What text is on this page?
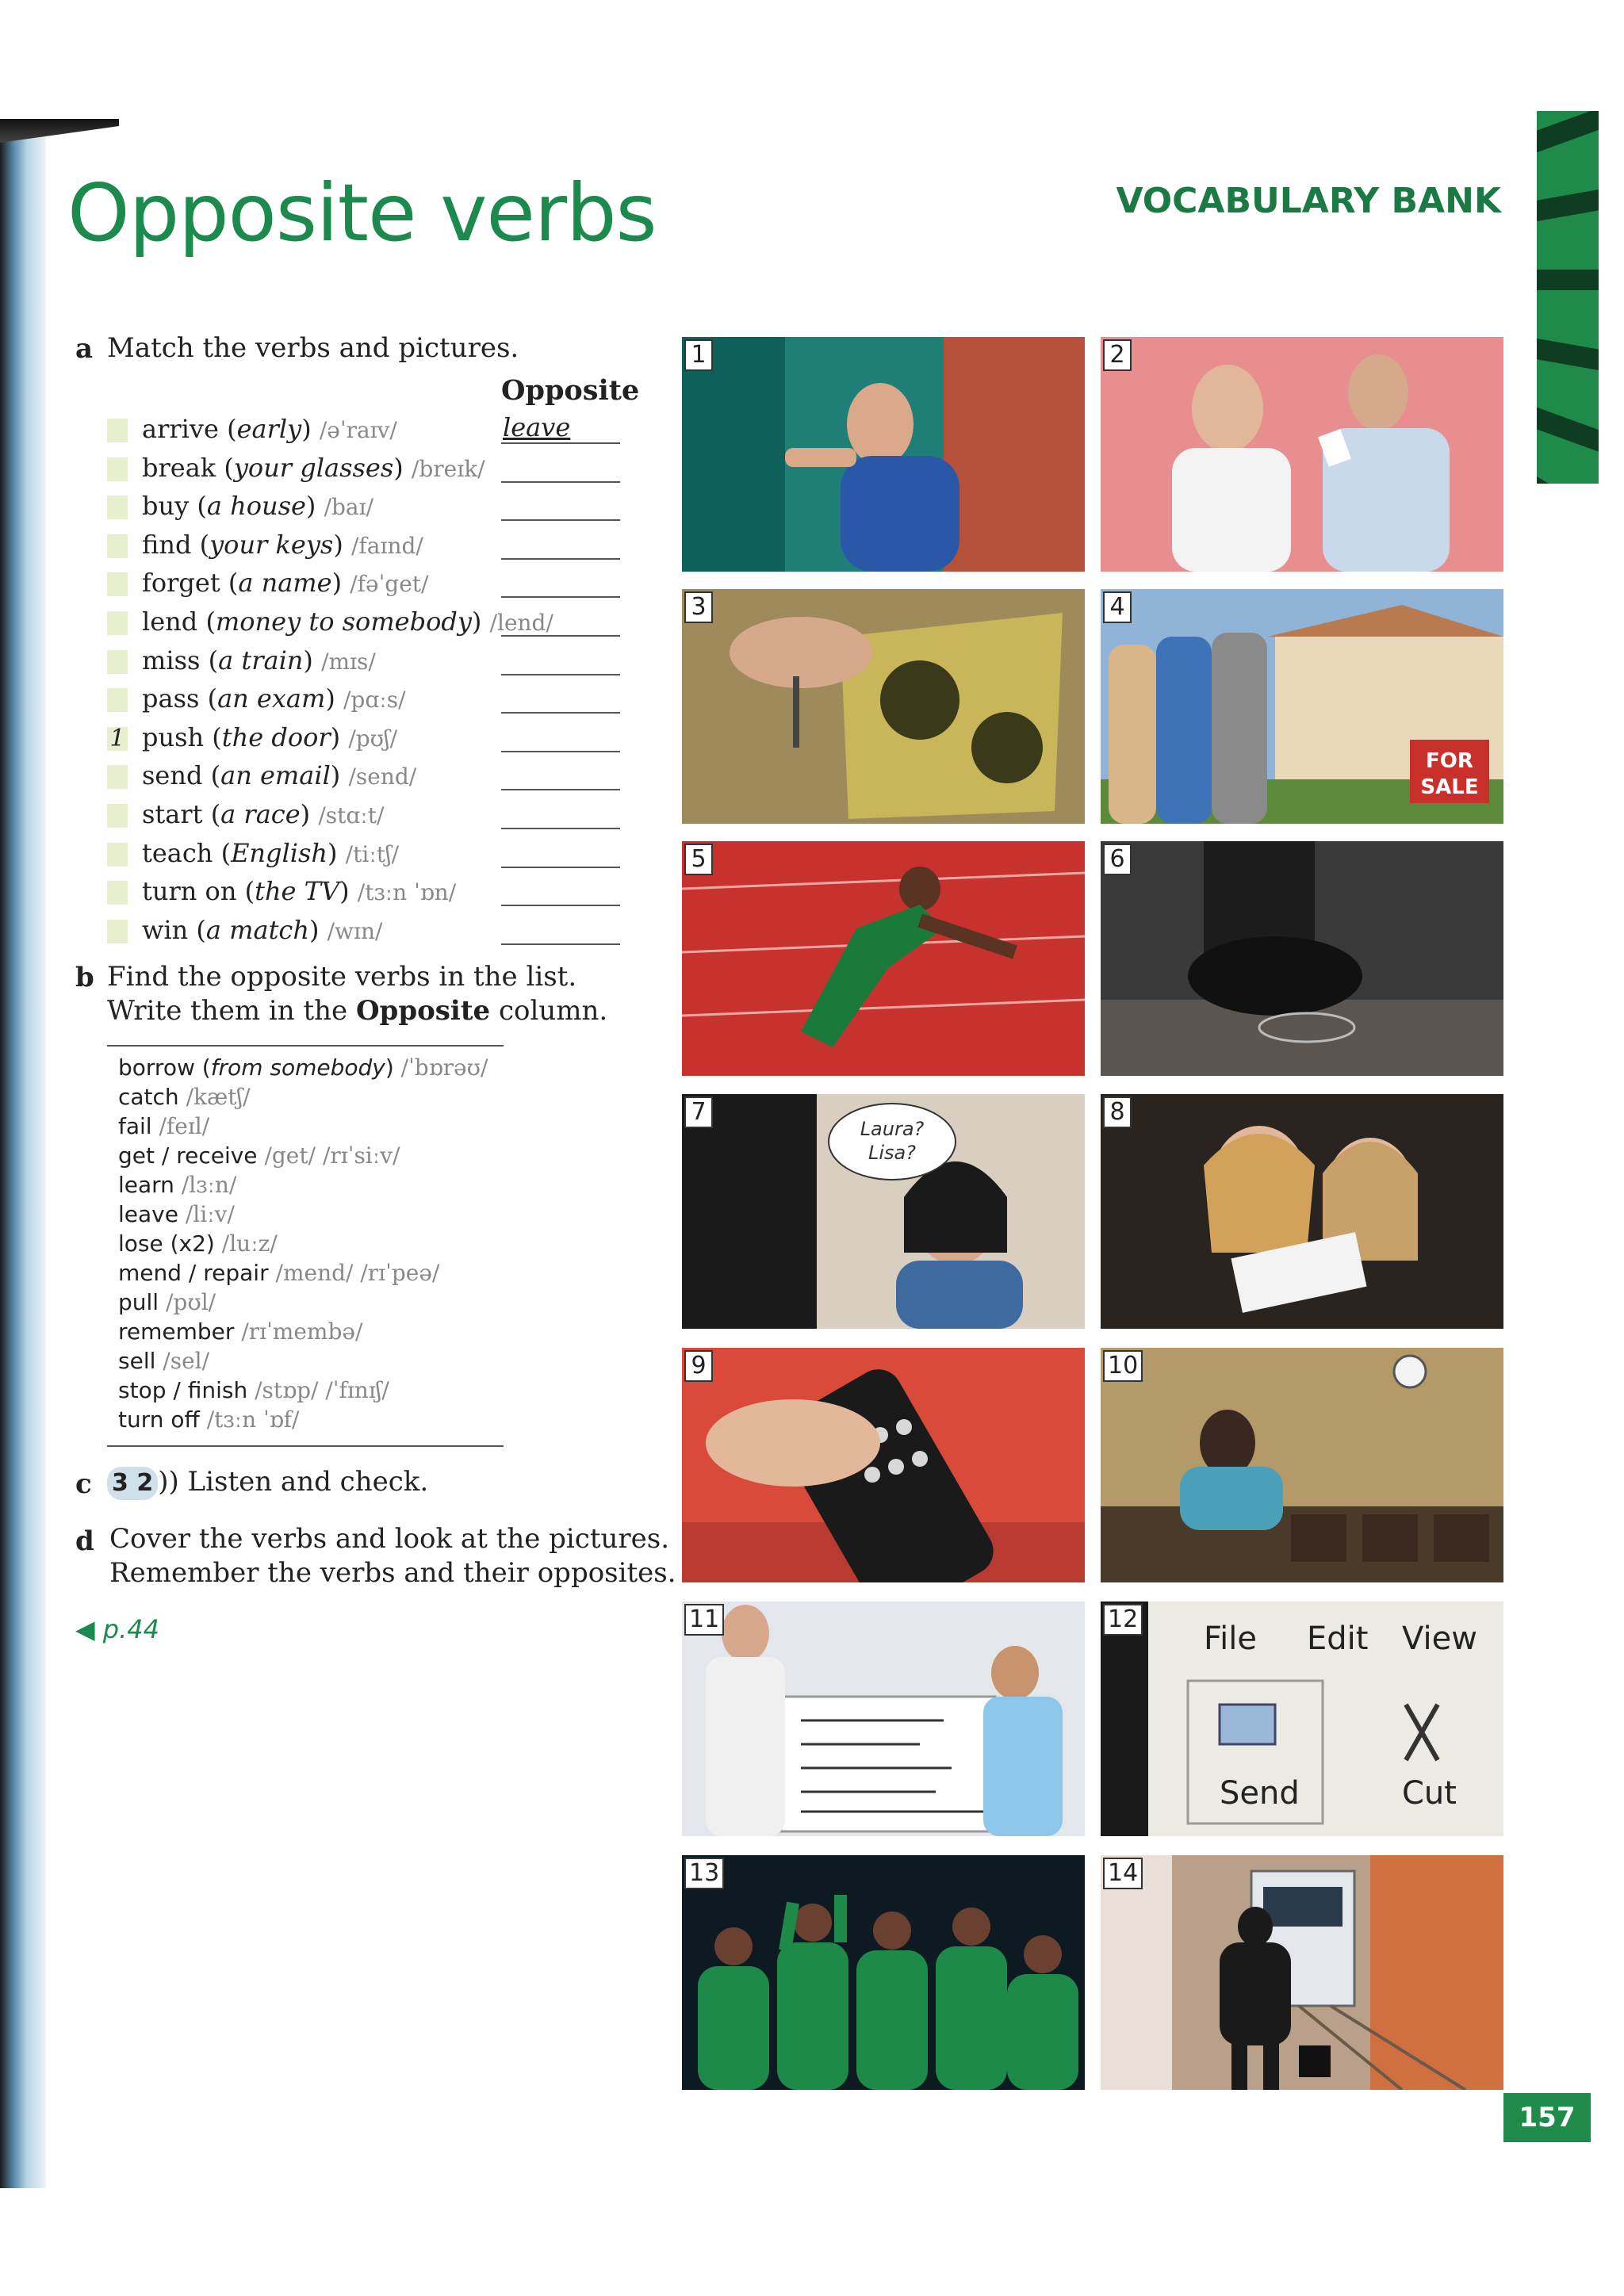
Opposite verbs	VOCABULARY BANK
a Match the verbs and pictures.
Opposite
arrive (early) /əˈraɪv/	leave
break (your glasses) /breɪk/
buy (a house) /baɪ/
find (your keys) /faɪnd/
forget (a name) /fəˈget/
lend (money to somebody) /lend/
miss (a train) /mɪs/
pass (an exam) /pɑːs/
1 push (the door) /pʊʃ/
send (an email) /send/
start (a race) /stɑːt/
teach (English) /tiːtʃ/
turn on (the TV) /tɜːn ˈɒn/
win (a match) /wɪn/
b Find the opposite verbs in the list.
Write them in the Opposite column.
borrow (from somebody) /ˈbɒrəʊ/
catch /kætʃ/
fail /feɪl/
get / receive /get/ /rɪˈsiːv/
learn /lɜːn/
leave /liːv/
lose (x2) /luːz/
mend / repair /mend/ /rɪˈpeə/
pull /pʊl/
remember /rɪˈmembə/
sell /sel/
stop / finish /stɒp/ /ˈfɪnɪʃ/
turn off /tɜːn ˈɒf/
c 3 2 )) Listen and check.
d Cover the verbs and look at the pictures.
Remember the verbs and their opposites.
◀ p.44
1	2
3	4
FOR
SALE
5	6
7
Laura?
Lisa?
8
9	10
11	12
File Edit View
Send	Cut
13	14
157
